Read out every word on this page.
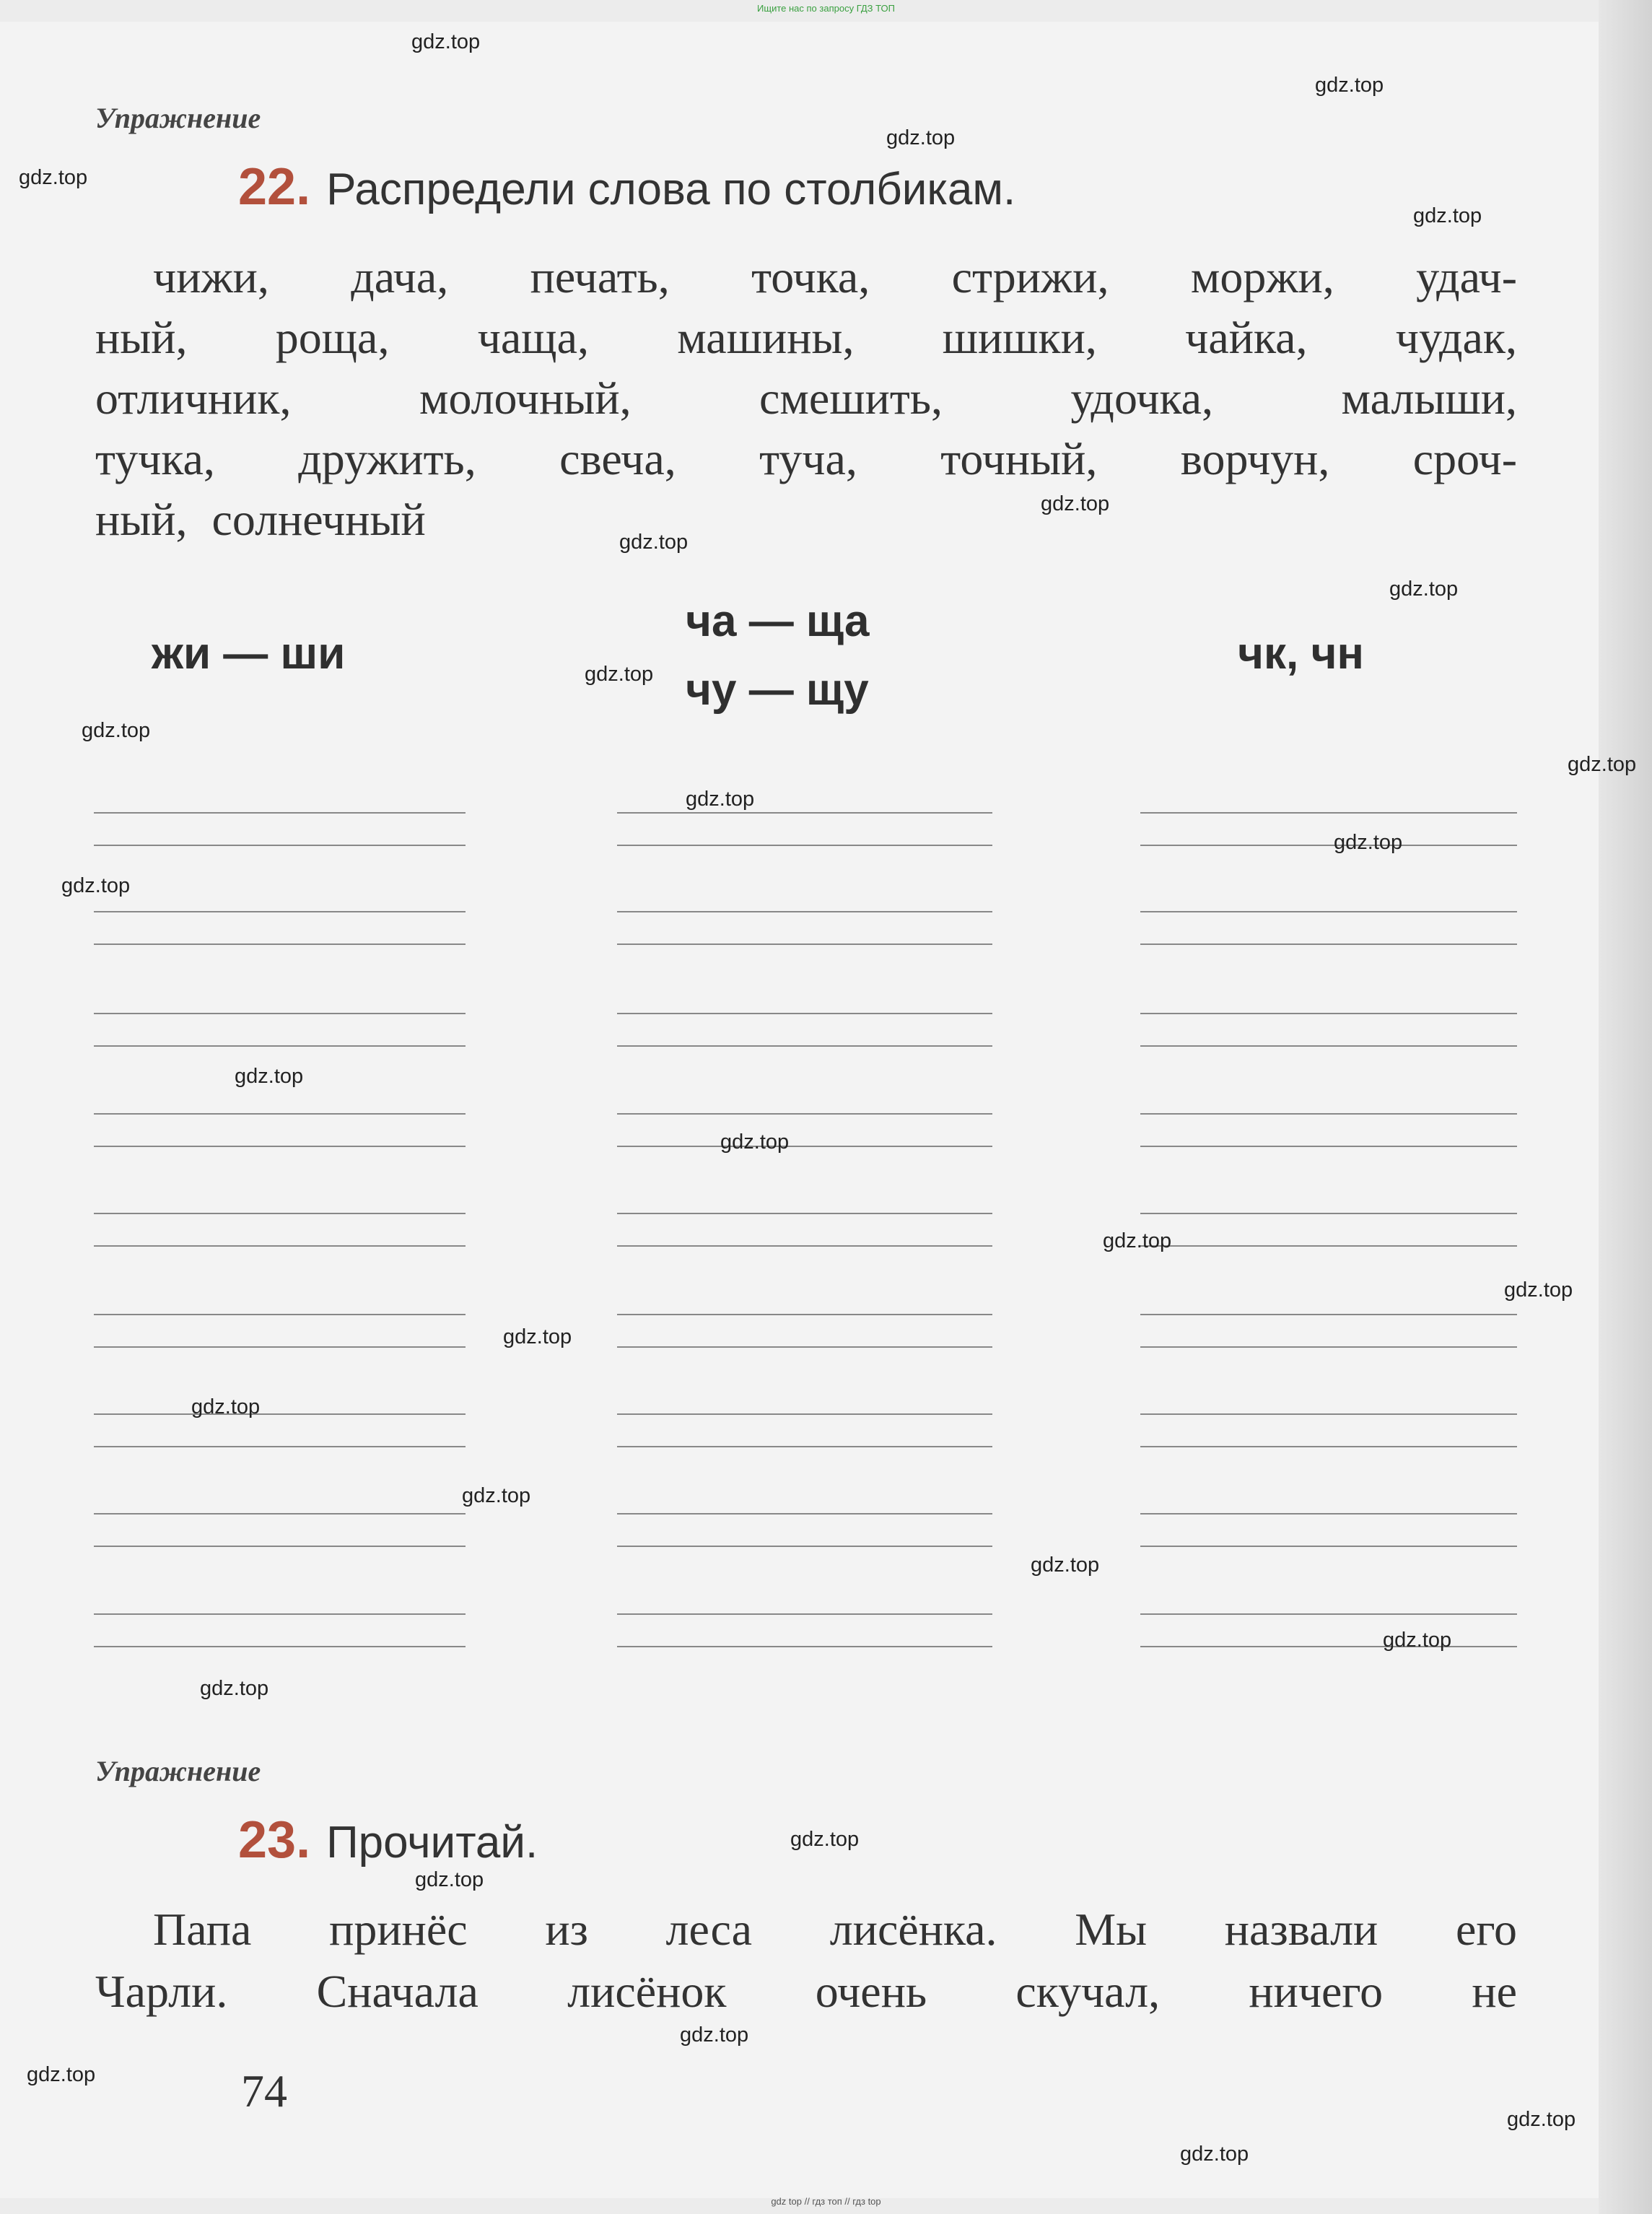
Ищите нас по запросу ГДЗ ТОП
Упражнение
22. Распредели слова по столбикам.
чижи, дача, печать, точка, стрижи, моржи, удач-
ный, роща, чаща, машины, шишки, чайка, чудак,
отличник, молочный, смешить, удочка, малыши,
тучка, дружить, свеча, туча, точный, ворчун, сроч-
ный, солнечный
жи — ши
ча — ща
чу — щу
чк, чн
Упражнение
23. Прочитай.
Папа принёс из леса лисёнка. Мы назвали его
Чарли. Сначала лисёнок очень скучал, ничего не
74
gdz.top
gdz.top
gdz.top
gdz.top
gdz.top
gdz.top
gdz.top
gdz.top
gdz.top
gdz.top
gdz.top
gdz.top
gdz.top
gdz.top
gdz.top
gdz.top
gdz.top
gdz.top
gdz.top
gdz.top
gdz.top
gdz.top
gdz.top
gdz.top
gdz.top
gdz.top
gdz.top
gdz.top
gdz.top
gdz.top
gdz top // гдз топ // гдз top
